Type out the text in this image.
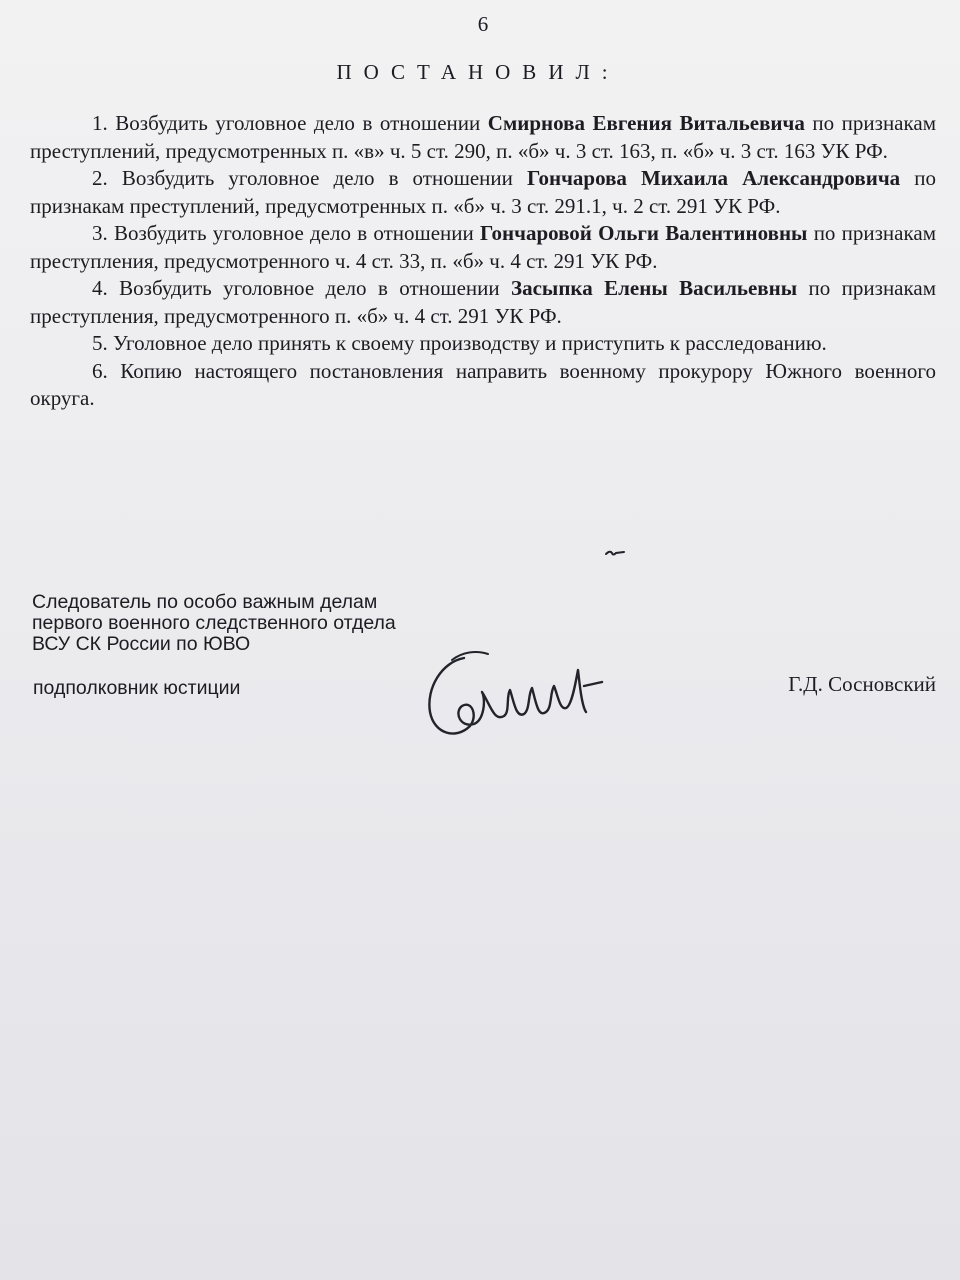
6
ПОСТАНОВИЛ:

1. Возбудить уголовное дело в отношении Смирнова Евгения Витальевича по признакам преступлений, предусмотренных п. «в» ч. 5 ст. 290, п. «б» ч. 3 ст. 163, п. «б» ч. 3 ст. 163 УК РФ.

2. Возбудить уголовное дело в отношении Гончарова Михаила Александровича по признакам преступлений, предусмотренных п. «б» ч. 3 ст. 291.1, ч. 2 ст. 291 УК РФ.

3. Возбудить уголовное дело в отношении Гончаровой Ольги Валентиновны по признакам преступления, предусмотренного ч. 4 ст. 33, п. «б» ч. 4 ст. 291 УК РФ.

4. Возбудить уголовное дело в отношении Засыпка Елены Васильевны по признакам преступления, предусмотренного п. «б» ч. 4 ст. 291 УК РФ.

5. Уголовное дело принять к своему производству и приступить к расследованию.

6. Копию настоящего постановления направить военному прокурору Южного военного округа.

Следователь по особо важным делам
первого военного следственного отдела
ВСУ СК России по ЮВО
подполковник юстиции	Г.Д. Сосновский
